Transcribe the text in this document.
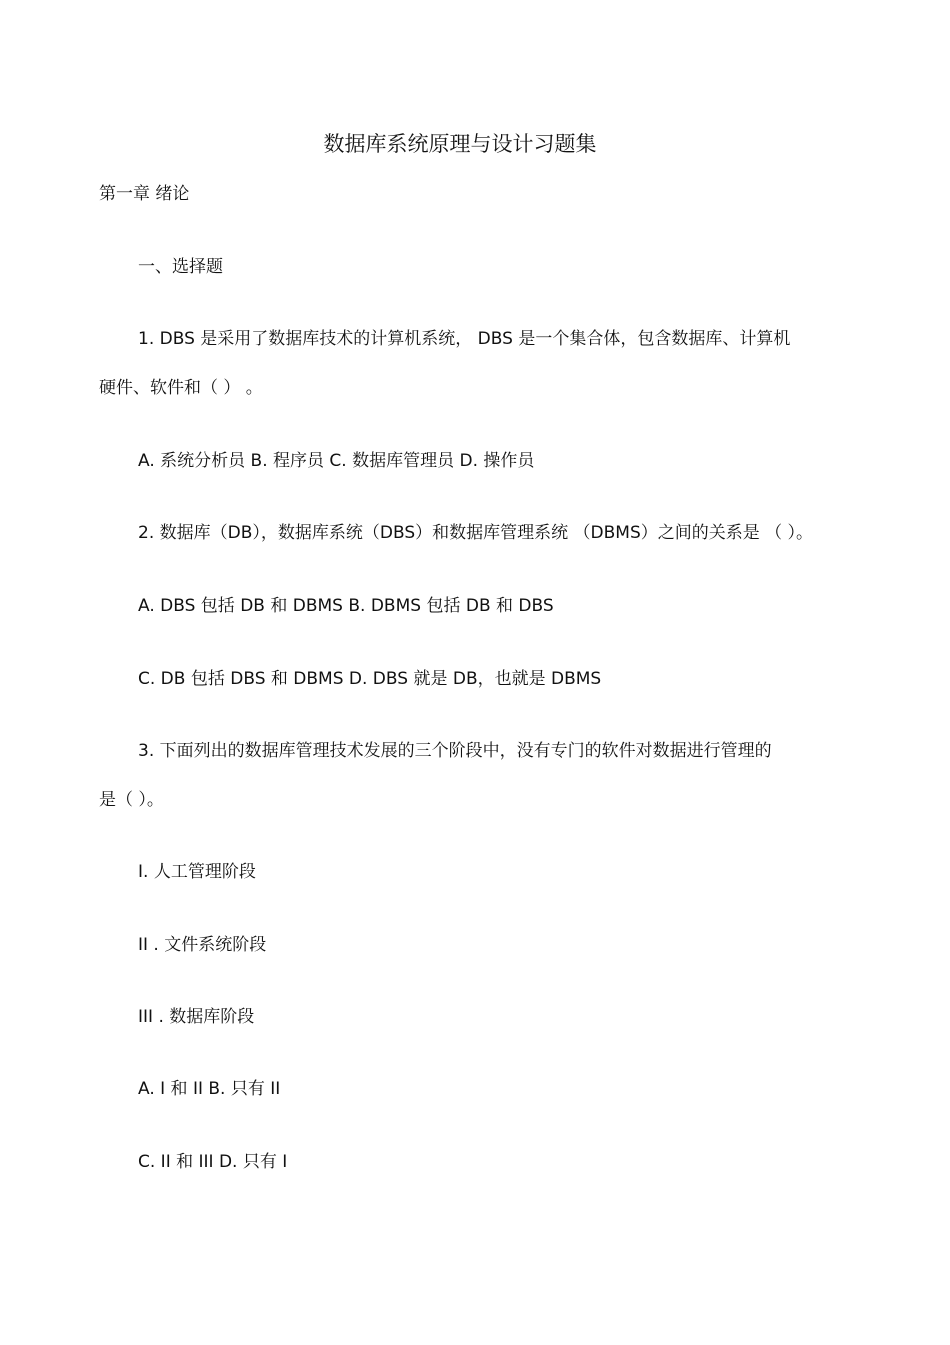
数据库系统原理与设计习题集
第一章 绪论
一、选择题
1. DBS 是采用了数据库技术的计算机系统， DBS 是一个集合体，包含数据库、计算机
硬件、软件和（ ） 。
A. 系统分析员 B. 程序员 C. 数据库管理员 D. 操作员
2. 数据库（DB），数据库系统（DBS）和数据库管理系统 （DBMS）之间的关系是 （ ）。
A. DBS 包括 DB 和 DBMS B. DBMS 包括 DB 和 DBS
C. DB 包括 DBS 和 DBMS D. DBS 就是 DB，也就是 DBMS
3. 下面列出的数据库管理技术发展的三个阶段中，没有专门的软件对数据进行管理的
是（ ）。
I. 人工管理阶段
II . 文件系统阶段
III . 数据库阶段
A. I 和 II B. 只有 II
C. II 和 III D. 只有 I
